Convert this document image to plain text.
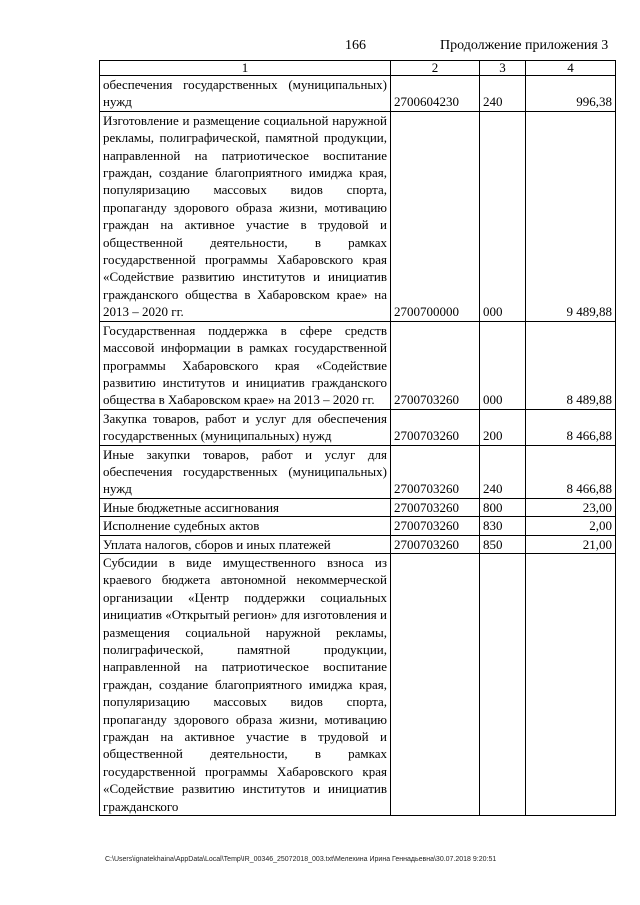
166	Продолжение приложения 3
1	2	3	4
обеспечения государственных (муниципальных) нужд	2700604230	240	996,38
Изготовление и размещение социальной наружной рекламы, полиграфической, памятной продукции, направленной на патриотическое воспитание граждан, создание благоприятного имиджа края, популяризацию массовых видов спорта, пропаганду здорового образа жизни, мотивацию граждан на активное участие в трудовой и общественной деятельности, в рамках государственной программы Хабаровского края «Содействие развитию институтов и инициатив гражданского общества в Хабаровском крае» на 2013 – 2020 гг.	2700700000	000	9 489,88
Государственная поддержка в сфере средств массовой информации в рамках государственной программы Хабаровского края «Содействие развитию институтов и инициатив гражданского общества в Хабаровском крае» на 2013 – 2020 гг.	2700703260	000	8 489,88
Закупка товаров, работ и услуг для обеспечения государственных (муниципальных) нужд	2700703260	200	8 466,88
Иные закупки товаров, работ и услуг для обеспечения государственных (муниципальных) нужд	2700703260	240	8 466,88
Иные бюджетные ассигнования	2700703260	800	23,00
Исполнение судебных актов	2700703260	830	2,00
Уплата налогов, сборов и иных платежей	2700703260	850	21,00
Субсидии в виде имущественного взноса из краевого бюджета автономной некоммерческой организации «Центр поддержки социальных инициатив «Открытый регион» для изготовления и размещения социальной наружной рекламы, полиграфической, памятной продукции, направленной на патриотическое воспитание граждан, создание благоприятного имиджа края, популяризацию массовых видов спорта, пропаганду здорового образа жизни, мотивацию граждан на активное участие в трудовой и общественной деятельности, в рамках государственной программы Хабаровского края «Содействие развитию институтов и инициатив гражданского			
C:\Users\ignatekhaina\AppData\Local\Temp\IR_00346_25072018_003.txt\Мелехина Ирина Геннадьевна\30.07.2018 9:20:51
